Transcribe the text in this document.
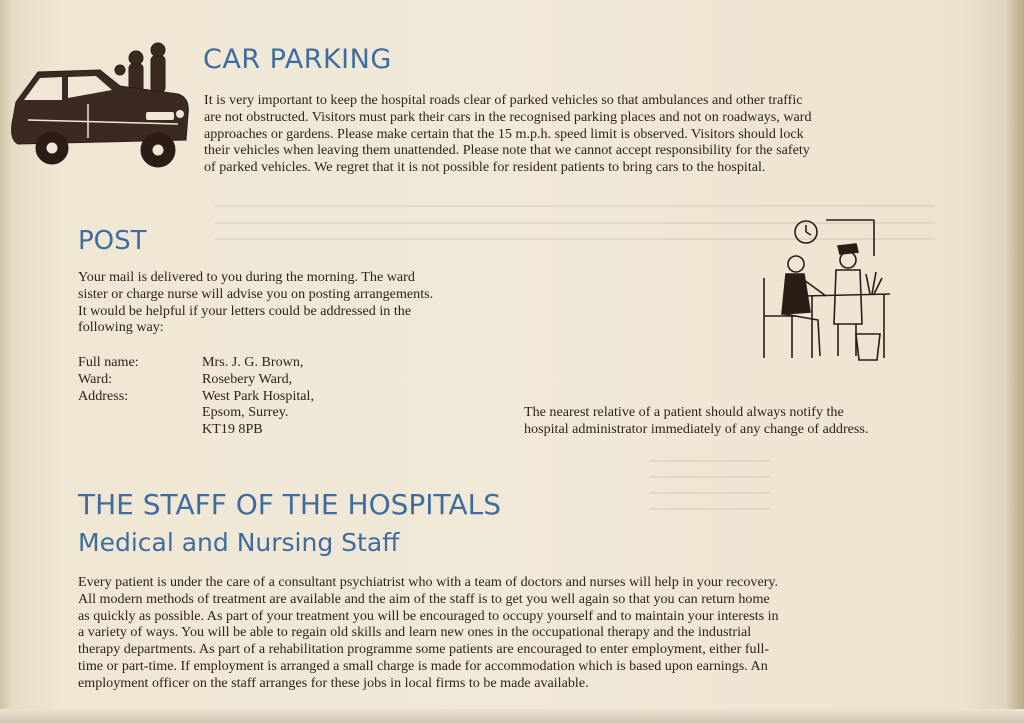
CAR PARKING

It is very important to keep the hospital roads clear of parked vehicles so that ambulances and other traffic
are not obstructed. Visitors must park their cars in the recognised parking places and not on roadways, ward
approaches or gardens. Please make certain that the 15 m.p.h. speed limit is observed. Visitors should lock
their vehicles when leaving them unattended. Please note that we cannot accept responsibility for the safety
of parked vehicles. We regret that it is not possible for resident patients to bring cars to the hospital.

POST

Your mail is delivered to you during the morning. The ward
sister or charge nurse will advise you on posting arrangements.
It would be helpful if your letters could be addressed in the
following way:

Full name:
Ward:
Address:
Mrs. J. G. Brown,
Rosebery Ward,
West Park Hospital,
Epsom, Surrey.
KT19 8PB

The nearest relative of a patient should always notify the
hospital administrator immediately of any change of address.

THE STAFF OF THE HOSPITALS
Medical and Nursing Staff

Every patient is under the care of a consultant psychiatrist who with a team of doctors and nurses will help in your recovery.
All modern methods of treatment are available and the aim of the staff is to get you well again so that you can return home
as quickly as possible. As part of your treatment you will be encouraged to occupy yourself and to maintain your interests in
a variety of ways. You will be able to regain old skills and learn new ones in the occupational therapy and the industrial
therapy departments. As part of a rehabilitation programme some patients are encouraged to enter employment, either full-
time or part-time. If employment is arranged a small charge is made for accommodation which is based upon earnings. An
employment officer on the staff arranges for these jobs in local firms to be made available.
